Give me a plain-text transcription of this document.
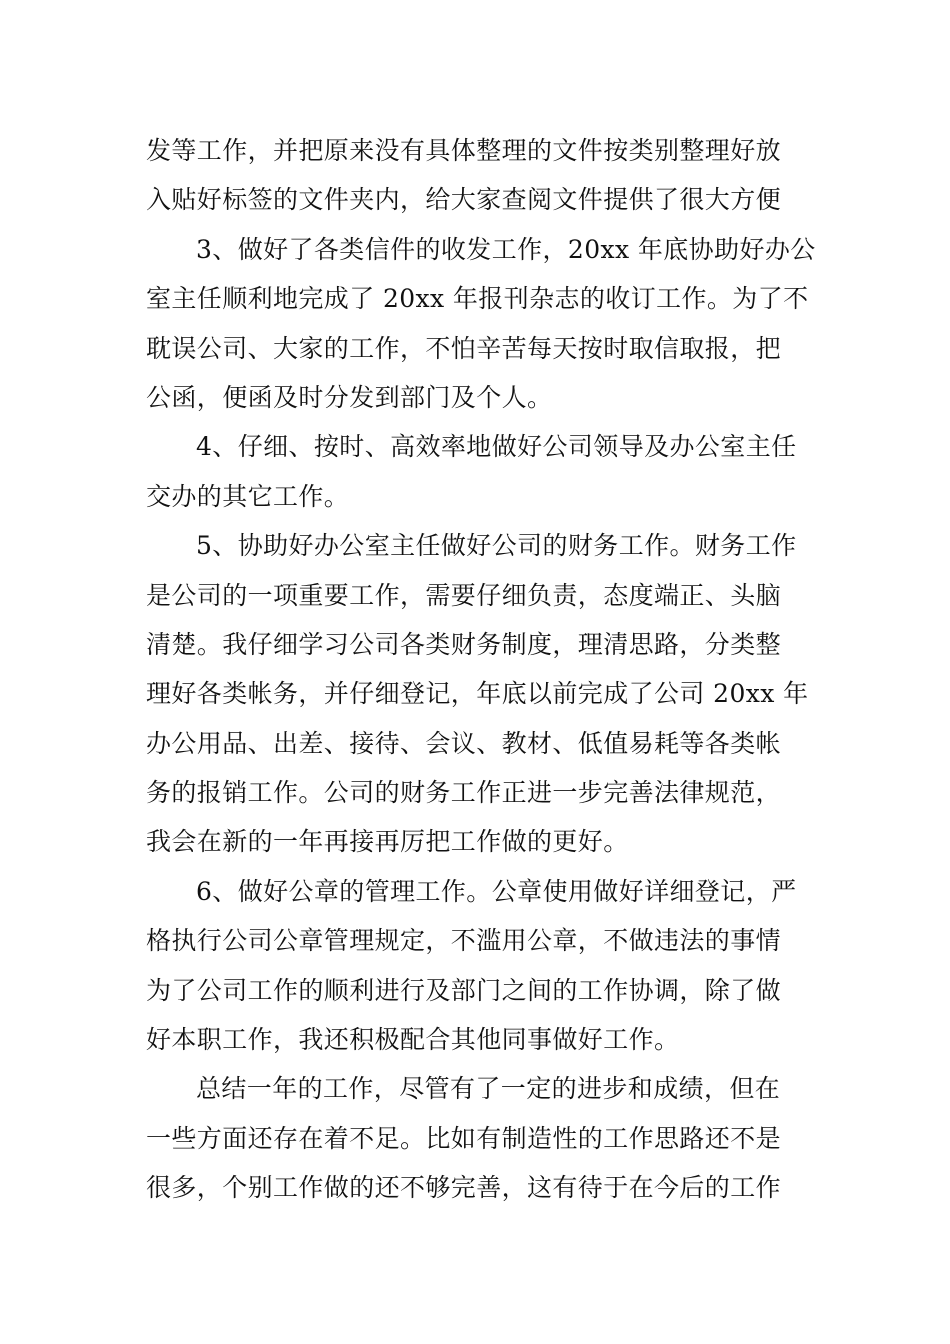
发等工作，并把原来没有具体整理的文件按类别整理好放
入贴好标签的文件夹内，给大家查阅文件提供了很大方便
3、做好了各类信件的收发工作，20xx 年底协助好办公
室主任顺利地完成了 20xx 年报刊杂志的收订工作。为了不
耽误公司、大家的工作，不怕辛苦每天按时取信取报，把
公函，便函及时分发到部门及个人。
4、仔细、按时、高效率地做好公司领导及办公室主任
交办的其它工作。
5、协助好办公室主任做好公司的财务工作。财务工作
是公司的一项重要工作，需要仔细负责，态度端正、头脑
清楚。我仔细学习公司各类财务制度，理清思路，分类整
理好各类帐务，并仔细登记，年底以前完成了公司 20xx 年
办公用品、出差、接待、会议、教材、低值易耗等各类帐
务的报销工作。公司的财务工作正进一步完善法律规范，
我会在新的一年再接再厉把工作做的更好。
6、做好公章的管理工作。公章使用做好详细登记，严
格执行公司公章管理规定，不滥用公章，不做违法的事情
为了公司工作的顺利进行及部门之间的工作协调，除了做
好本职工作，我还积极配合其他同事做好工作。
总结一年的工作，尽管有了一定的进步和成绩，但在
一些方面还存在着不足。比如有制造性的工作思路还不是
很多，个别工作做的还不够完善，这有待于在今后的工作
